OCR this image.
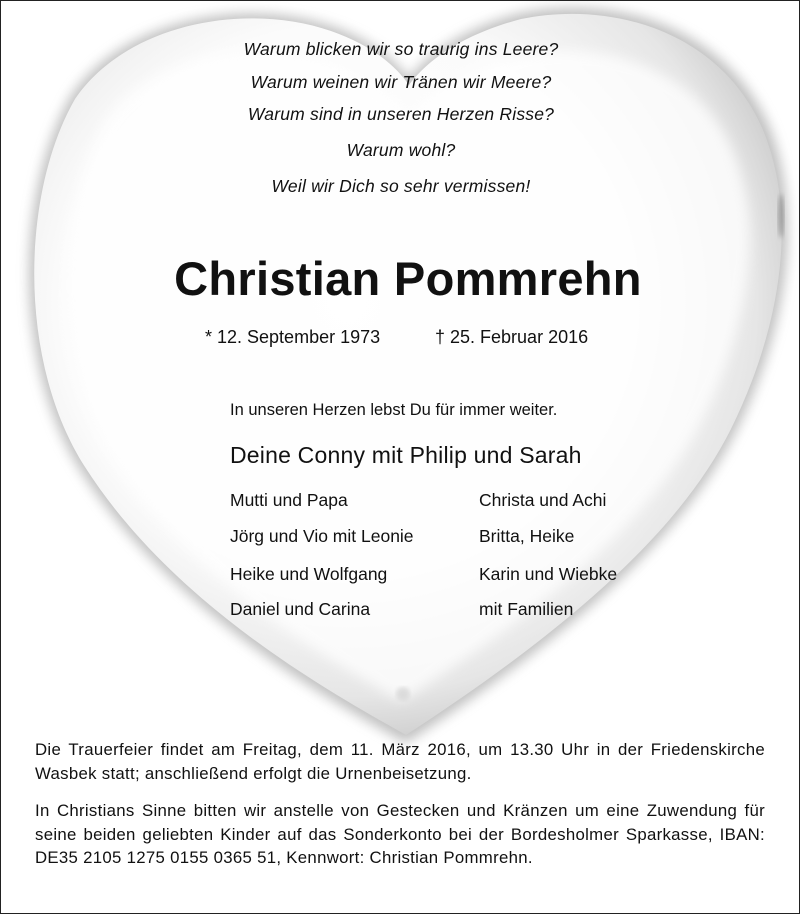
Warum blicken wir so traurig ins Leere?
Warum weinen wir Tränen wir Meere?
Warum sind in unseren Herzen Risse?
Warum wohl?
Weil wir Dich so sehr vermissen!
Christian Pommrehn
* 12. September 1973	† 25. Februar 2016
In unseren Herzen lebst Du für immer weiter.
Deine Conny mit Philip und Sarah
Mutti und Papa
Jörg und Vio mit Leonie
Heike und Wolfgang
Daniel und Carina
Christa und Achi
Britta, Heike
Karin und Wiebke
mit Familien
Die Trauerfeier findet am Freitag, dem 11. März 2016, um 13.30 Uhr in der Friedenskirche Wasbek statt; anschließend erfolgt die Urnenbeisetzung.
In Christians Sinne bitten wir anstelle von Gestecken und Kränzen um eine Zuwendung für seine beiden geliebten Kinder auf das Sonderkonto bei der Bordesholmer Sparkasse, IBAN: DE35 2105 1275 0155 0365 51, Kennwort: Christian Pommrehn.
